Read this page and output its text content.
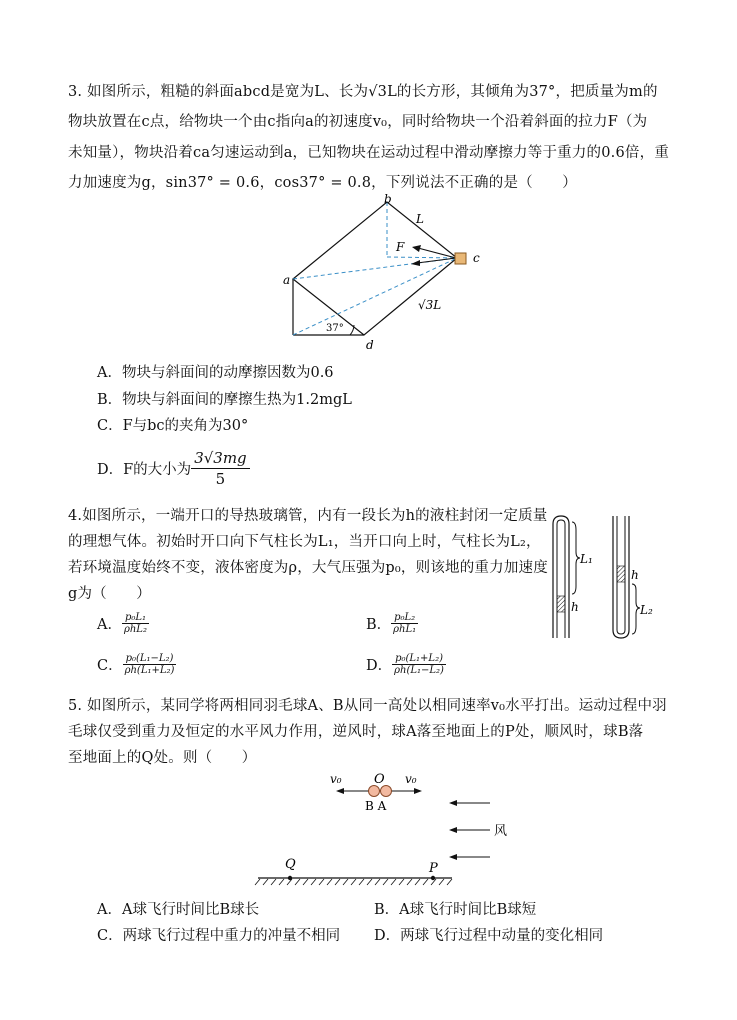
3. 如图所示，粗糙的斜面abcd是宽为L、长为√3L的长方形，其倾角为37°，把质量为m的
物块放置在c点，给物块一个由c指向a的初速度v₀，同时给物块一个沿着斜面的拉力F（为
未知量），物块沿着ca匀速运动到a，已知物块在运动过程中滑动摩擦力等于重力的0.6倍，重
力加速度为g，sin37° = 0.6，cos37° = 0.8，下列说法不正确的是（　　）
a
b
c
d
L
F
√3L
37°
A．物块与斜面间的动摩擦因数为0.6
B．物块与斜面间的摩擦生热为1.2mgL
C．F与bc的夹角为30°
D．F的大小为 $\frac{3√3mg}{5}$
4.如图所示，一端开口的导热玻璃管，内有一段长为h的液柱封闭一定质量
的理想气体。初始时开口向下气柱长为L₁，当开口向上时，气柱长为L₂，
若环境温度始终不变，液体密度为ρ，大气压强为p₀，则该地的重力加速度
g为（　　）
A． $\frac{\text{p₀L₁}}{\text{ρhL₂}}$	B． $\frac{\text{p₀L₂}}{\text{ρhL₁}}$
C． $\frac{\text{p₀(L₁−L₂)}}{\text{ρh(L₁+L₂)}}$	D． $\frac{\text{p₀(L₁+L₂)}}{\text{ρh(L₁−L₂)}}$
L₁
h
h
L₂
5. 如图所示，某同学将两相同羽毛球A、B从同一高处以相同速率v₀水平打出。运动过程中羽
毛球仅受到重力及恒定的水平风力作用，逆风时，球A落至地面上的P处，顺风时，球B落
至地面上的Q处。则（　　）
v₀ O v₀
B A
风
Q	P
A．A球飞行时间比B球长	B．A球飞行时间比B球短
C．两球飞行过程中重力的冲量不相同 D．两球飞行过程中动量的变化相同
